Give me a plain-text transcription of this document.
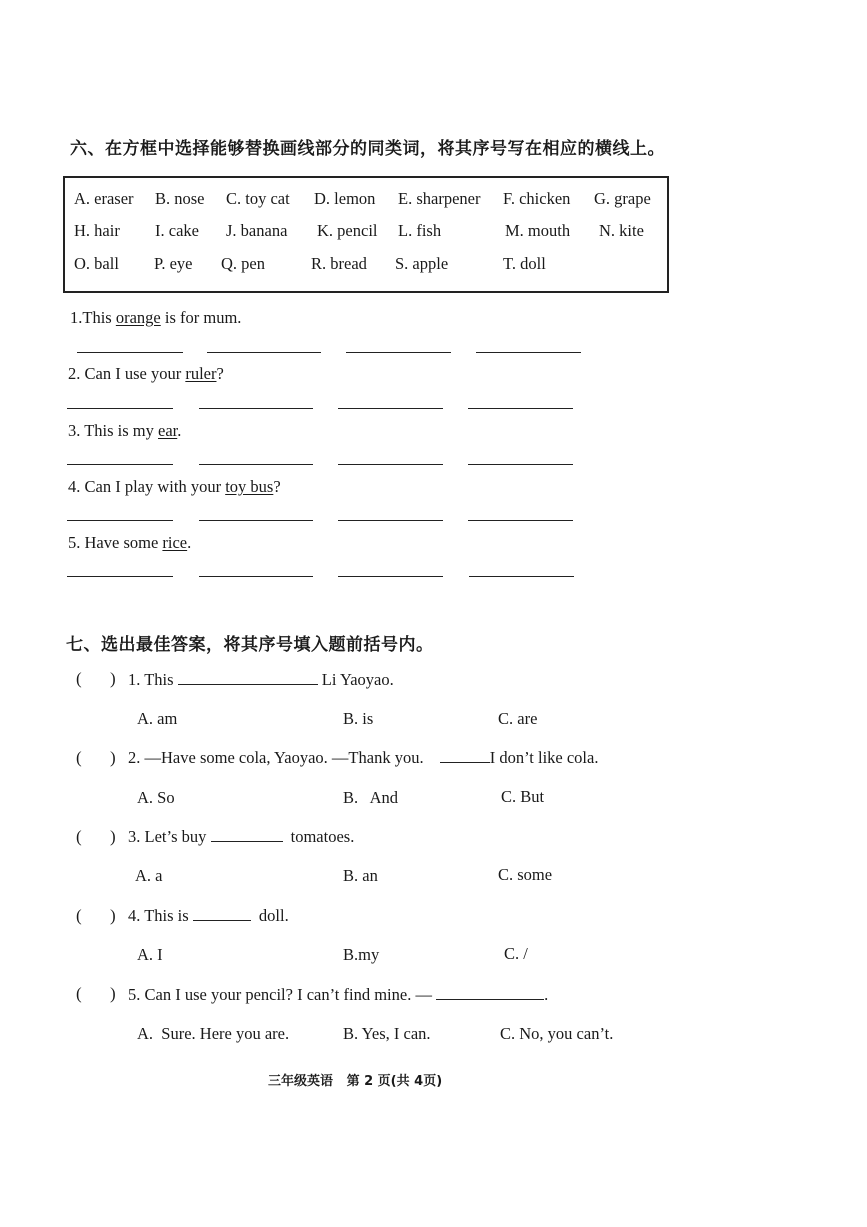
六、在方框中选择能够替换画线部分的同类词，将其序号写在相应的横线上。
A. eraser B. nose C. toy cat D. lemon E. sharpener F. chicken G. grape
H. hair I. cake J. banana K. pencil L. fish	M. mouth N. kite
O. ball P. eye Q. pen	R. bread S. apple	T. doll
1.This orange is for mum.
2. Can I use your ruler?
3. This is my ear.
4. Can I play with your toy bus?
5. Have some rice.
七、选出最佳答案，将其序号填入题前括号内。
( ) 1. This	Li Yaoyao.
A. am	B. is	C. are
( ) 2. —Have some cola, Yaoyao. —Thank you.	I don’t like cola.
A. So	B.   And	C. But
( ) 3. Let’s buy	tomatoes.
A. a	B. an	C. some
( ) 4. This is	doll.
A. I	B.my	C. /
( ) 5. Can I use your pencil? I can’t find mine. —	.
A.  Sure. Here you are.	B. Yes, I can.	C. No, you can’t.
三年级英语   第 2 页(共 4页)
